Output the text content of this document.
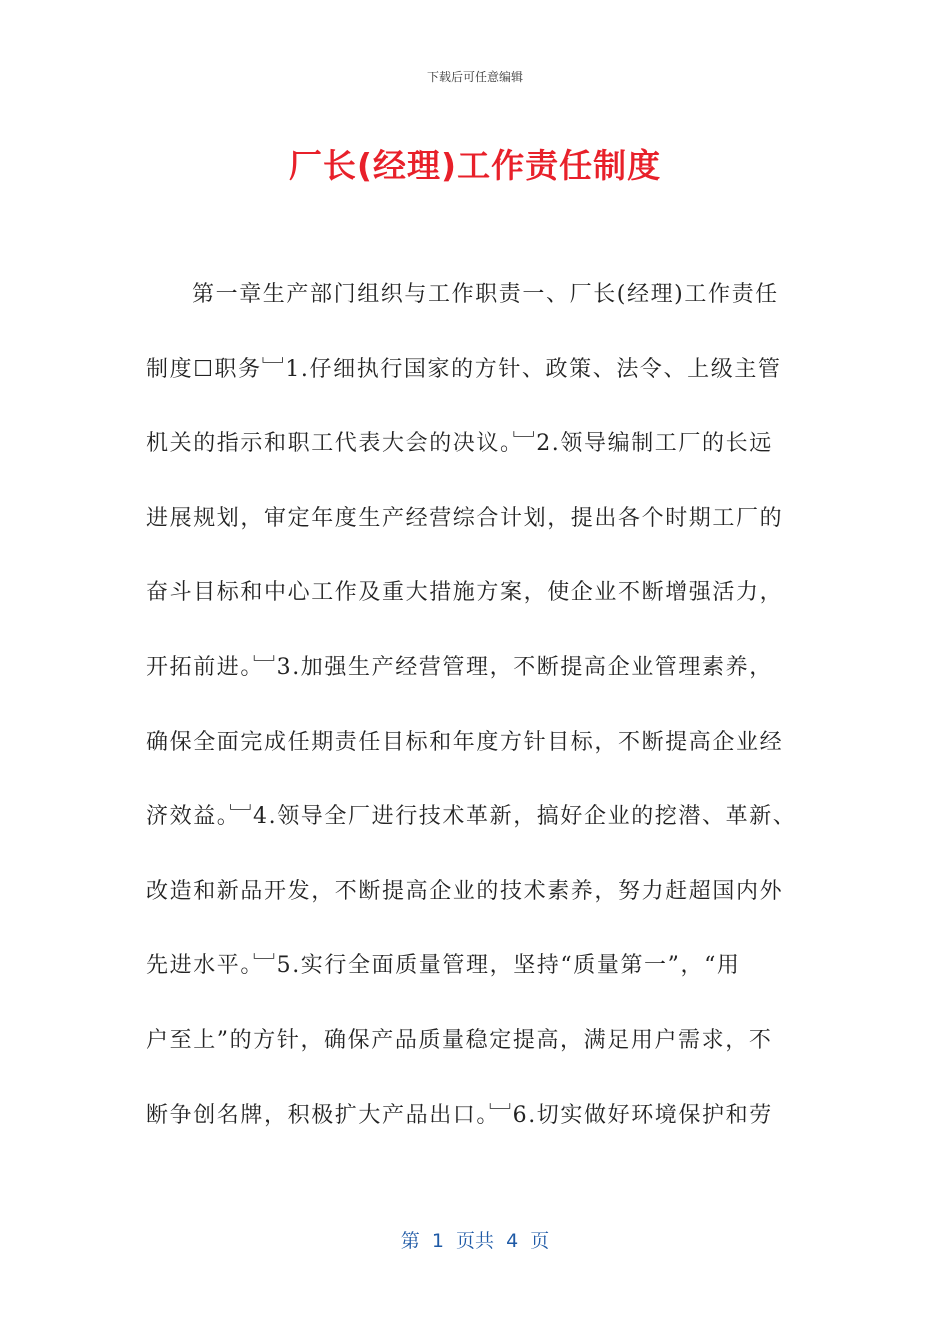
下载后可任意编辑
厂长(经理)工作责任制度
第一章生产部门组织与工作职责一、厂长(经理)工作责任
制度☐职务﹈1.仔细执行国家的方针、政策、法令、上级主管
机关的指示和职工代表大会的决议。﹈2.领导编制工厂的长远
进展规划，审定年度生产经营综合计划，提出各个时期工厂的
奋斗目标和中心工作及重大措施方案，使企业不断增强活力，
开拓前进。﹈3.加强生产经营管理，不断提高企业管理素养，
确保全面完成任期责任目标和年度方针目标，不断提高企业经
济效益。﹈4.领导全厂进行技术革新，搞好企业的挖潜、革新、
改造和新品开发，不断提高企业的技术素养，努力赶超国内外
先进水平。﹈5.实行全面质量管理，坚持“质量第一”，“用
户至上”的方针，确保产品质量稳定提高，满足用户需求，不
断争创名牌，积极扩大产品出口。﹈6.切实做好环境保护和劳
第  1  页共  4  页
